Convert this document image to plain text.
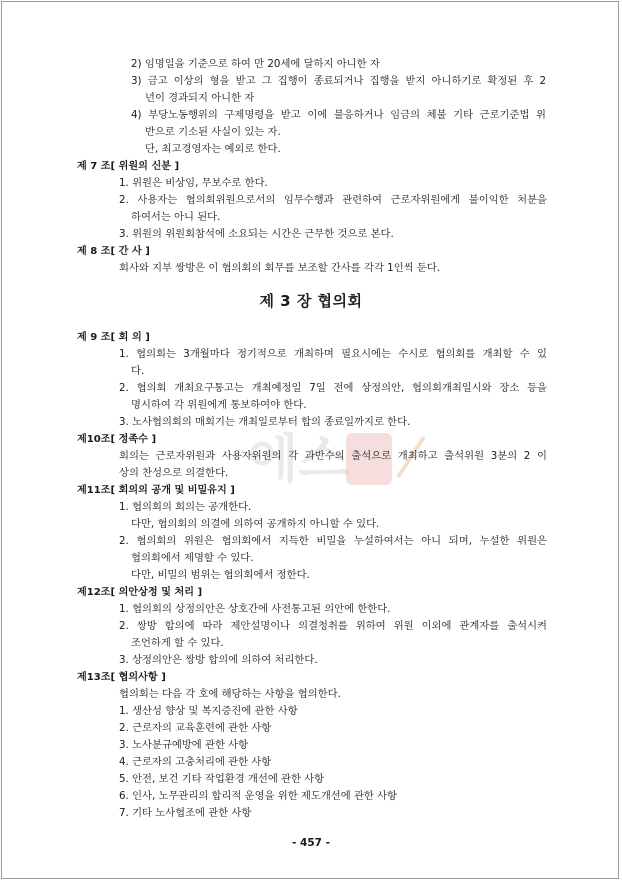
에스
2) 임명일을 기준으로 하여 만 20세에 달하지 아니한 자
3) 금고 이상의 형을 받고 그 집행이 종료되거나 집행을 받지 아니하기로 확정된 후 2
년이 경과되지 아니한 자
4) 부당노동행위의 구제명령을 받고 이에 불응하거나 임금의 체불 기타 근로기준법 위
반으로 기소된 사실이 있는 자.
단, 최고경영자는 예외로 한다.
제 7 조[ 위원의 신분 ]
1. 위원은 비상임, 무보수로 한다.
2. 사용자는 협의회위원으로서의 임무수행과 관련하여 근로자위원에게 불이익한 처분을
하여서는 아니 된다.
3. 위원의 위원회참석에 소요되는 시간은 근무한 것으로 본다.
제 8 조[ 간 사 ]
회사와 지부 쌍방은 이 협의회의 회무를 보조할 간사를 각각 1인씩 둔다.
제 3 장 협의회
제 9 조[ 회 의 ]
1. 협의회는 3개월마다 정기적으로 개최하며 필요시에는 수시로 협의회를 개최할 수 있
다.
2. 협의회 개최요구통고는 개최예정일 7일 전에 상정의안, 협의회개최일시와 장소 등을
명시하여 각 위원에게 통보하여야 한다.
3. 노사협의회의 매회기는 개최일로부터 합의 종료일까지로 한다.
제10조[ 정족수 ]
회의는 근로자위원과 사용자위원의 각 과반수의 출석으로 개최하고 출석위원 3분의 2 이
상의 찬성으로 의결한다.
제11조[ 회의의 공개 및 비밀유지 ]
1. 협의회의 회의는 공개한다.
다만, 협의회의 의결에 의하여 공개하지 아니할 수 있다.
2. 협의회의 위원은 협의회에서 지득한 비밀을 누설하여서는 아니 되며, 누설한 위원은
협의회에서 제명할 수 있다.
다만, 비밀의 범위는 협의회에서 정한다.
제12조[ 의안상정 및 처리 ]
1. 협의회의 상정의안은 상호간에 사전통고된 의안에 한한다.
2. 쌍방 합의에 따라 제안설명이나 의결청취를 위하여 위원 이외에 관계자를 출석시켜
조언하게 할 수 있다.
3. 상정의안은 쌍방 합의에 의하여 처리한다.
제13조[ 협의사항 ]
협의회는 다음 각 호에 해당하는 사항을 협의한다.
1. 생산성 향상 및 복지증진에 관한 사항
2. 근로자의 교육훈련에 관한 사항
3. 노사분규예방에 관한 사항
4. 근로자의 고충처리에 관한 사항
5. 안전, 보건 기타 작업환경 개선에 관한 사항
6. 인사, 노무관리의 합리적 운영을 위한 제도개선에 관한 사항
7. 기타 노사협조에 관한 사항
- 457 -
